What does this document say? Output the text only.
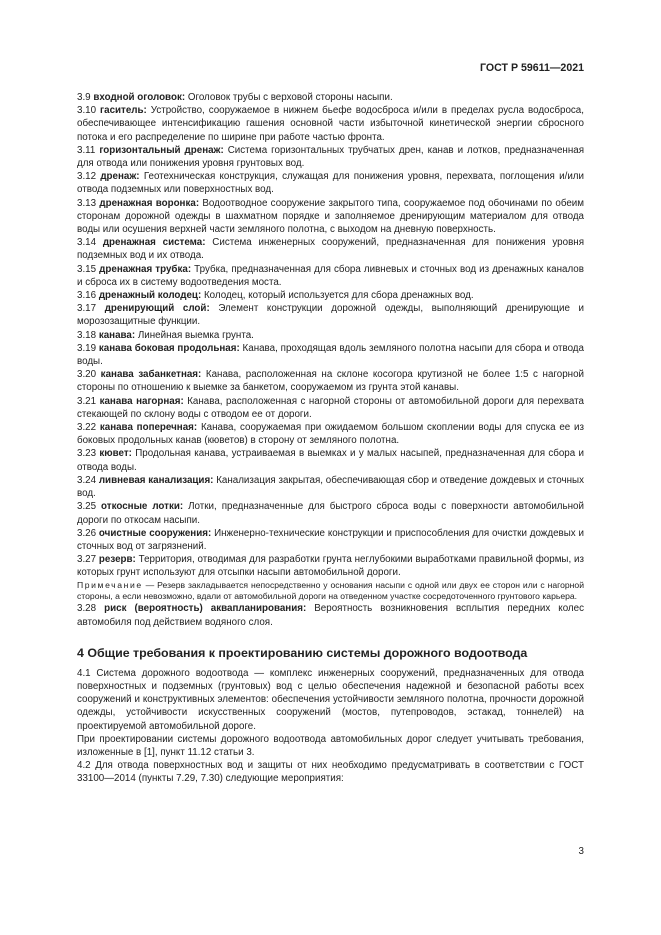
ГОСТ Р 59611—2021

3.9 входной оголовок: Оголовок трубы с верховой стороны насыпи.

3.10 гаситель: Устройство, сооружаемое в нижнем бьефе водосброса и/или в пределах русла водосброса, обеспечивающее интенсификацию гашения основной части избыточной кинетической энергии сбросного потока и его распределение по ширине при работе частью фронта.

3.11 горизонтальный дренаж: Система горизонтальных трубчатых дрен, канав и лотков, предназначенная для отвода или понижения уровня грунтовых вод.

3.12 дренаж: Геотехническая конструкция, служащая для понижения уровня, перехвата, поглощения и/или отвода подземных или поверхностных вод.

3.13 дренажная воронка: Водоотводное сооружение закрытого типа, сооружаемое под обочинами по обеим сторонам дорожной одежды в шахматном порядке и заполняемое дренирующим материалом для отвода воды или осушения верхней части земляного полотна, с выходом на дневную поверхность.

3.14 дренажная система: Система инженерных сооружений, предназначенная для понижения уровня подземных вод и их отвода.

3.15 дренажная трубка: Трубка, предназначенная для сбора ливневых и сточных вод из дренажных каналов и сброса их в систему водоотведения моста.

3.16 дренажный колодец: Колодец, который используется для сбора дренажных вод.

3.17 дренирующий слой: Элемент конструкции дорожной одежды, выполняющий дренирующие и морозозащитные функции.

3.18 канава: Линейная выемка грунта.

3.19 канава боковая продольная: Канава, проходящая вдоль земляного полотна насыпи для сбора и отвода воды.

3.20 канава забанкетная: Канава, расположенная на склоне косогора крутизной не более 1:5 с нагорной стороны по отношению к выемке за банкетом, сооружаемом из грунта этой канавы.

3.21 канава нагорная: Канава, расположенная с нагорной стороны от автомобильной дороги для перехвата стекающей по склону воды с отводом ее от дороги.

3.22 канава поперечная: Канава, сооружаемая при ожидаемом большом скоплении воды для спуска ее из боковых продольных канав (кюветов) в сторону от земляного полотна.

3.23 кювет: Продольная канава, устраиваемая в выемках и у малых насыпей, предназначенная для сбора и отвода воды.

3.24 ливневая канализация: Канализация закрытая, обеспечивающая сбор и отведение дождевых и сточных вод.

3.25 откосные лотки: Лотки, предназначенные для быстрого сброса воды с поверхности автомобильной дороги по откосам насыпи.

3.26 очистные сооружения: Инженерно-технические конструкции и приспособления для очистки дождевых и сточных вод от загрязнений.

3.27 резерв: Территория, отводимая для разработки грунта неглубокими выработками правильной формы, из которых грунт используют для отсыпки насыпи автомобильной дороги.

Примечание — Резерв закладывается непосредственно у основания насыпи с одной или двух ее сторон или с нагорной стороны, а если невозможно, вдали от автомобильной дороги на отведенном участке сосредоточенного грунтового карьера.

3.28 риск (вероятность) аквапланирования: Вероятность возникновения всплытия передних колес автомобиля под действием водяного слоя.

4 Общие требования к проектированию системы дорожного водоотвода

4.1 Система дорожного водоотвода — комплекс инженерных сооружений, предназначенных для отвода поверхностных и подземных (грунтовых) вод с целью обеспечения надежной и безопасной работы всех сооружений и конструктивных элементов: обеспечения устойчивости земляного полотна, прочности дорожной одежды, устойчивости искусственных сооружений (мостов, путепроводов, эстакад, тоннелей) на проектируемой автомобильной дороге.

При проектировании системы дорожного водоотвода автомобильных дорог следует учитывать требования, изложенные в [1], пункт 11.12 статьи 3.

4.2 Для отвода поверхностных вод и защиты от них необходимо предусматривать в соответствии с ГОСТ 33100—2014 (пункты 7.29, 7.30) следующие мероприятия:

3
